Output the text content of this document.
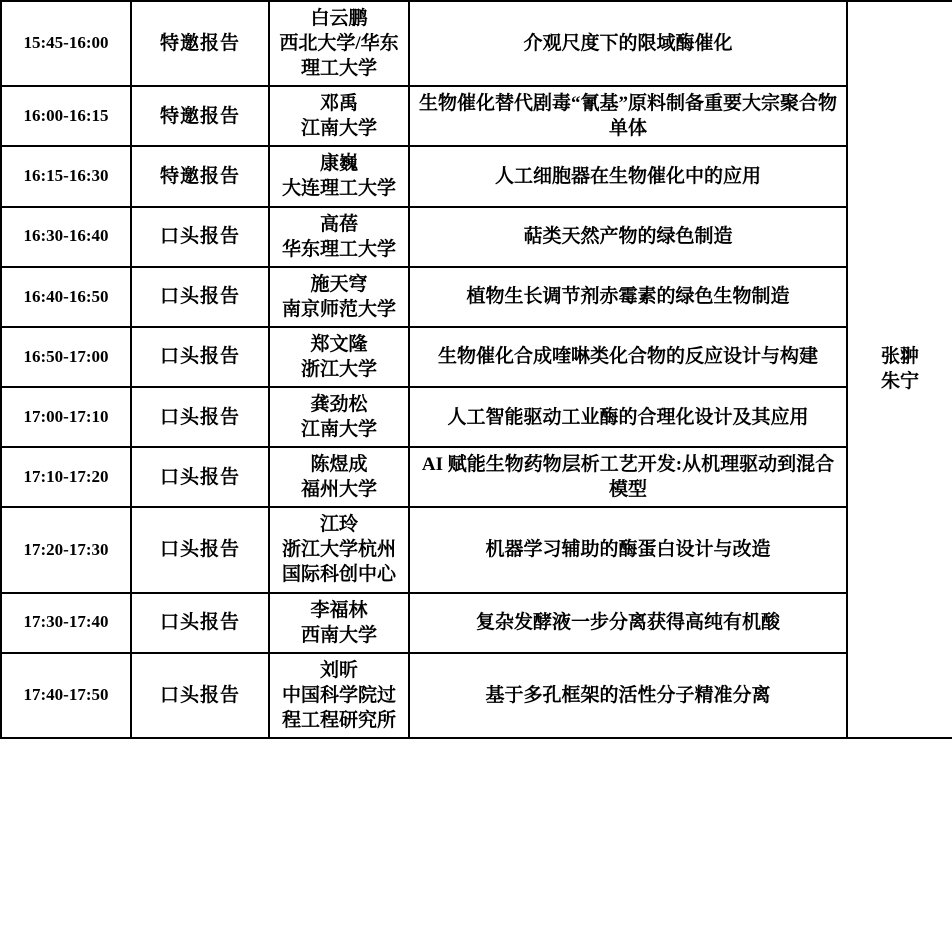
15:45-16:00	特邀报告	白云鹏
西北大学/华东
理工大学	介观尺度下的限域酶催化	张翀
朱宁

16:00-16:15	特邀报告	邓禹
江南大学	生物催化替代剧毒“氰基”原料制备重要大宗聚合物单体	
16:15-16:30	特邀报告	康巍
大连理工大学	人工细胞器在生物催化中的应用	
16:30-16:40	口头报告	高蓓
华东理工大学	萜类天然产物的绿色制造	
16:40-16:50	口头报告	施天穹
南京师范大学	植物生长调节剂赤霉素的绿色生物制造	
16:50-17:00	口头报告	郑文隆
浙江大学	生物催化合成喹啉类化合物的反应设计与构建	
17:00-17:10	口头报告	龚劲松
江南大学	人工智能驱动工业酶的合理化设计及其应用	
17:10-17:20	口头报告	陈煜成
福州大学	AI 赋能生物药物层析工艺开发:从机理驱动到混合模型	
17:20-17:30	口头报告	江玲
浙江大学杭州
国际科创中心	机器学习辅助的酶蛋白设计与改造	
17:30-17:40	口头报告	李福林
西南大学	复杂发酵液一步分离获得高纯有机酸	
17:40-17:50	口头报告	刘昕
中国科学院过
程工程研究所	基于多孔框架的活性分子精准分离	
